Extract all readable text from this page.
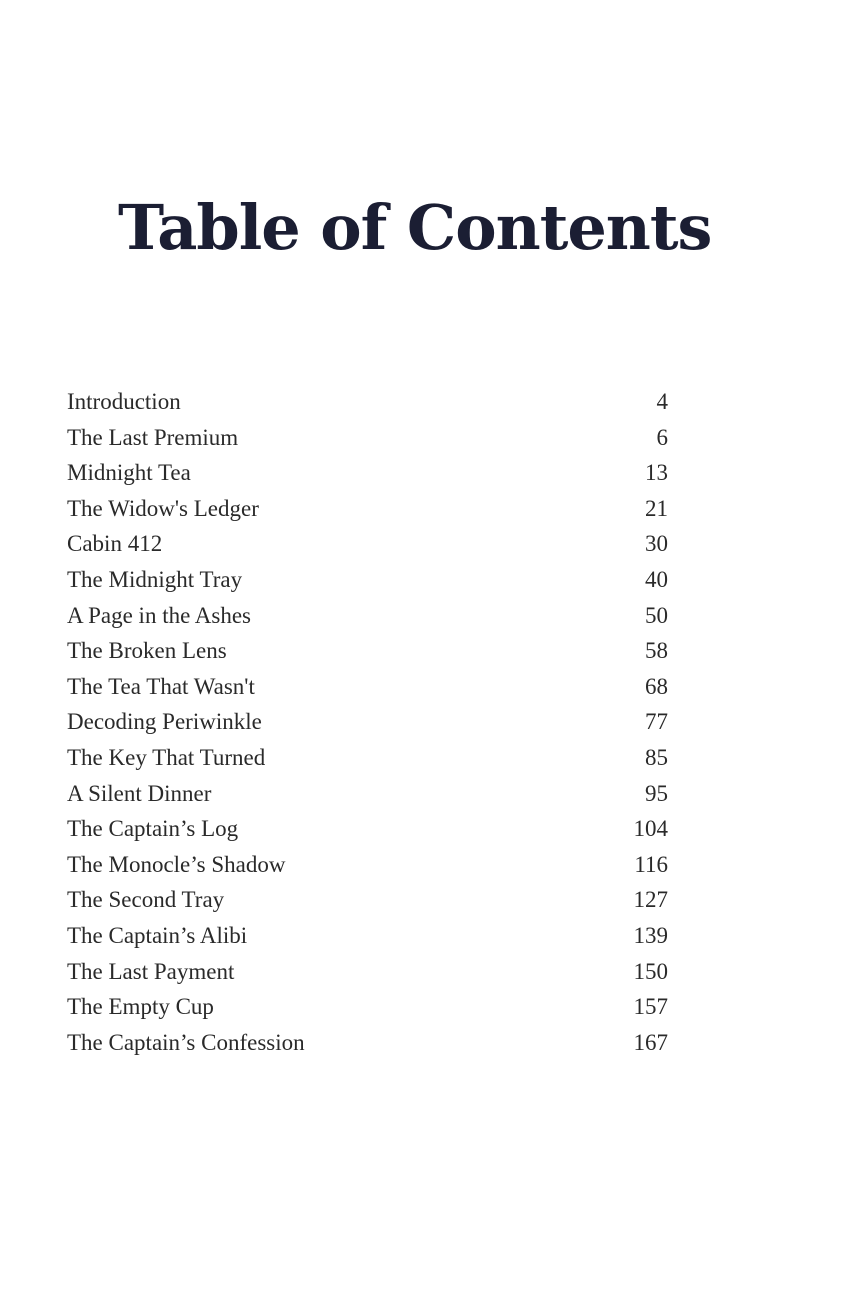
Table of Contents
Introduction	4
The Last Premium	6
Midnight Tea	13
The Widow's Ledger	21
Cabin 412	30
The Midnight Tray	40
A Page in the Ashes	50
The Broken Lens	58
The Tea That Wasn't	68
Decoding Periwinkle	77
The Key That Turned	85
A Silent Dinner	95
The Captain’s Log	104
The Monocle’s Shadow	116
The Second Tray	127
The Captain’s Alibi	139
The Last Payment	150
The Empty Cup	157
The Captain’s Confession	167
